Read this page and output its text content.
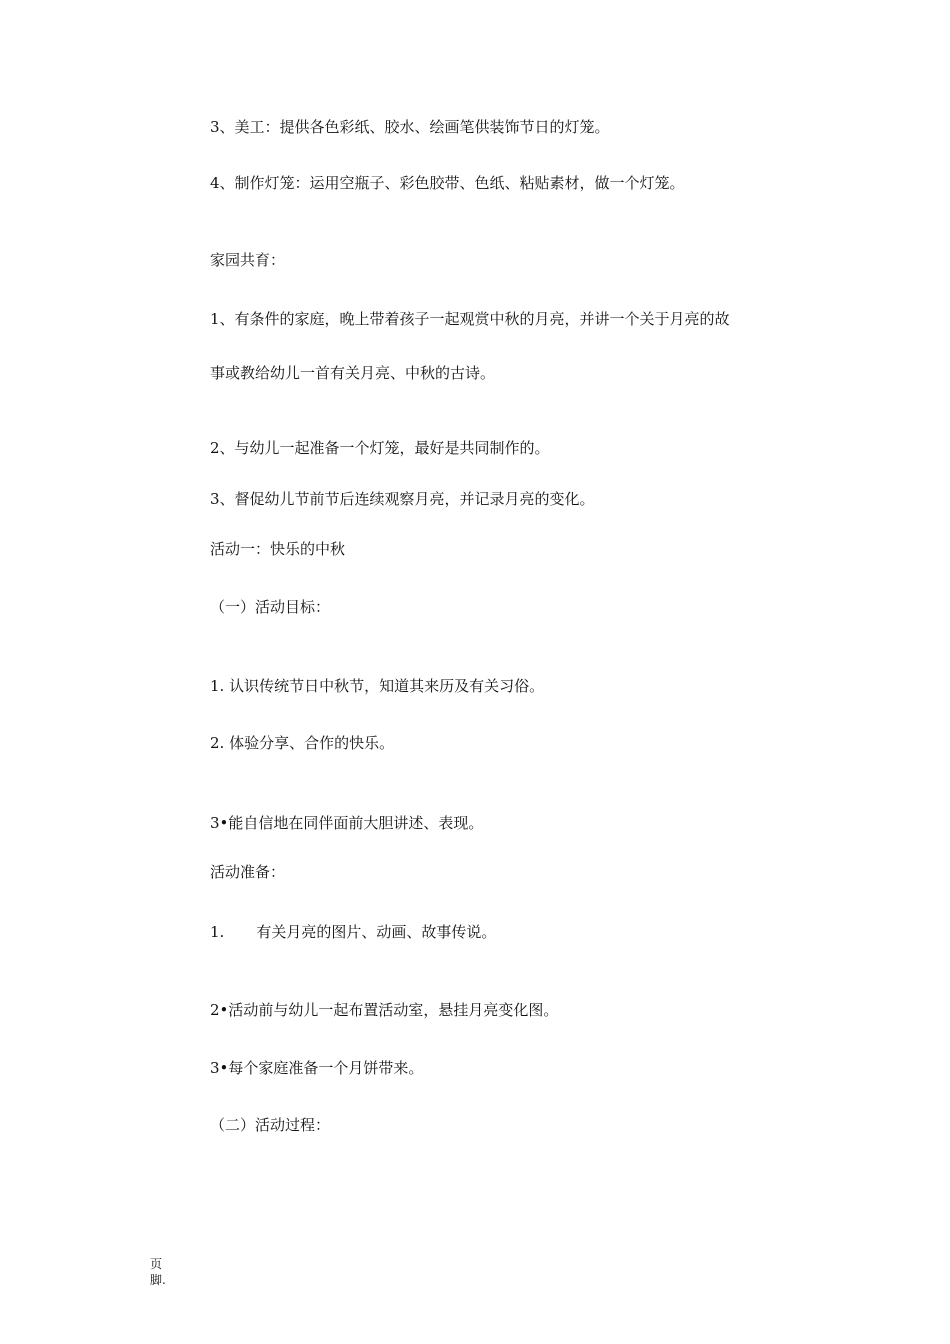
3、美工：提供各色彩纸、胶水、绘画笔供装饰节日的灯笼。
4、制作灯笼：运用空瓶子、彩色胶带、色纸、粘贴素材，做一个灯笼。
家园共育：
1、有条件的家庭，晚上带着孩子一起观赏中秋的月亮，并讲一个关于月亮的故
事或教给幼儿一首有关月亮、中秋的古诗。
2、与幼儿一起准备一个灯笼，最好是共同制作的。
3、督促幼儿节前节后连续观察月亮，并记录月亮的变化。
活动一：快乐的中秋
（一）活动目标：
1. 认识传统节日中秋节，知道其来历及有关习俗。
2. 体验分享、合作的快乐。
3•能自信地在同伴面前大胆讲述、表现。
活动准备：
1. 有关月亮的图片、动画、故事传说。
2•活动前与幼儿一起布置活动室，悬挂月亮变化图。
3•每个家庭准备一个月饼带来。
（二）活动过程：
页脚.
